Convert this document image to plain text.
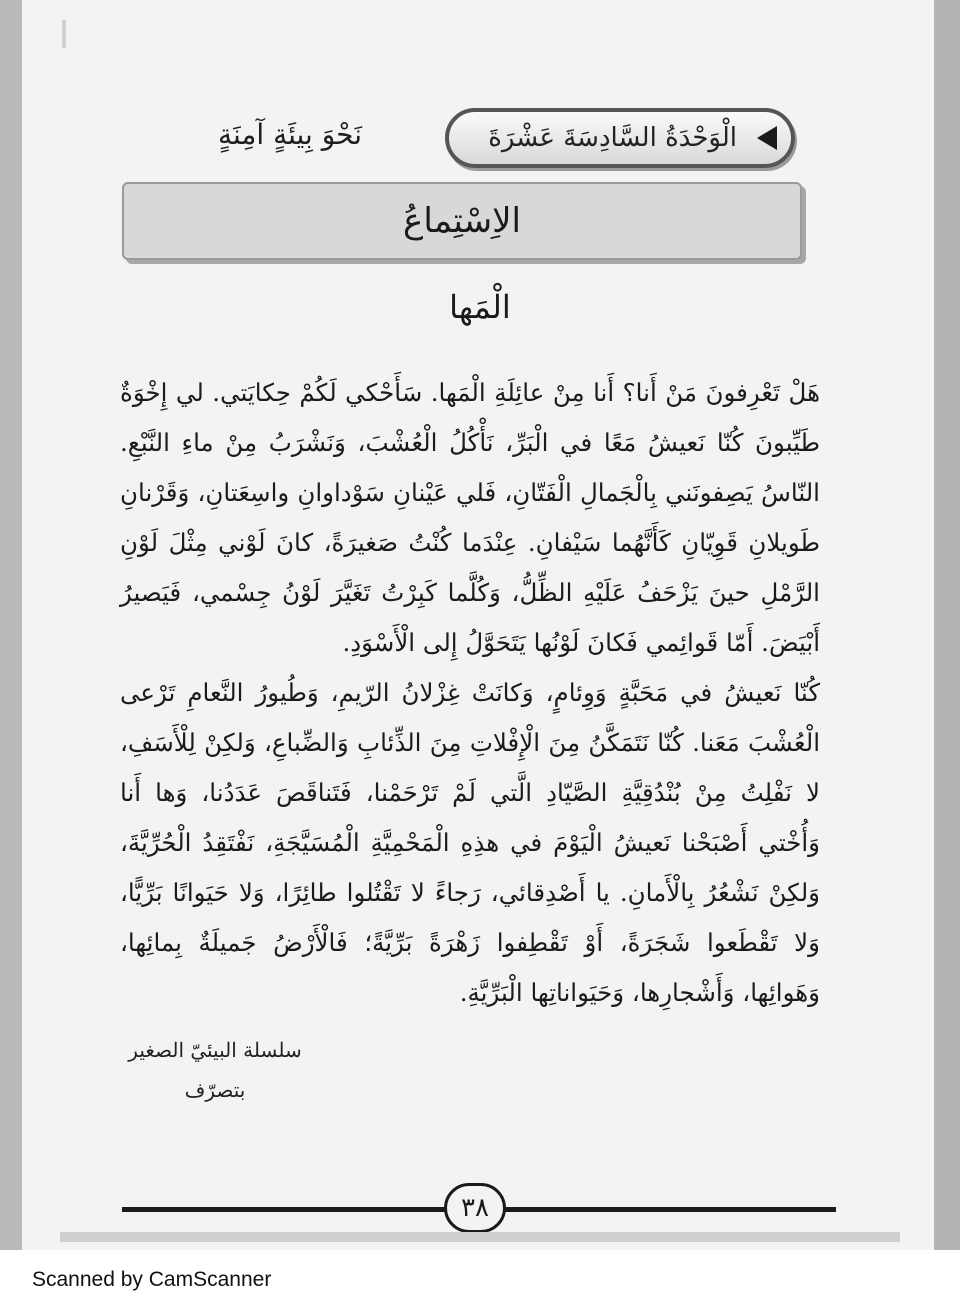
الْوَحْدَةُ السَّادِسَةَ عَشْرَةَ
نَحْوَ بِيئَةٍ آمِنَةٍ
الاِسْتِماعُ
الْمَها

هَلْ تَعْرِفونَ مَنْ أَنا؟ أَنا مِنْ عائِلَةِ الْمَها. سَأَحْكي لَكُمْ حِكايَتي. لي إِخْوَةٌ طَيِّبونَ كُنّا نَعيشُ مَعًا في الْبَرِّ، نَأْكُلُ الْعُشْبَ، وَنَشْرَبُ مِنْ ماءِ النَّبْعِ. النّاسُ يَصِفونَني بِالْجَمالِ الْفَتّانِ، فَلي عَيْنانِ سَوْداوانِ واسِعَتانِ، وَقَرْنانِ طَويلانِ قَوِيّانِ كَأَنَّهُما سَيْفانِ. عِنْدَما كُنْتُ صَغيرَةً، كانَ لَوْني مِثْلَ لَوْنِ الرَّمْلِ حينَ يَزْحَفُ عَلَيْهِ الظِّلُّ، وَكُلَّما كَبِرْتُ تَغَيَّرَ لَوْنُ جِسْمي، فَيَصيرُ أَبْيَضَ. أَمّا قَوائِمي فَكانَ لَوْنُها يَتَحَوَّلُ إِلى الْأَسْوَدِ.

كُنّا نَعيشُ في مَحَبَّةٍ وَوِئامٍ، وَكانَتْ غِزْلانُ الرّيمِ، وَطُيورُ النَّعامِ تَرْعى الْعُشْبَ مَعَنا. كُنّا نَتَمَكَّنُ مِنَ الْإِفْلاتِ مِنَ الذِّئابِ وَالضِّباعِ، وَلكِنْ لِلْأَسَفِ، لا نَفْلِتُ مِنْ بُنْدُقِيَّةِ الصَّيّادِ الَّتي لَمْ تَرْحَمْنا، فَتَناقَصَ عَدَدُنا، وَها أَنا وَأُخْتي أَصْبَحْنا نَعيشُ الْيَوْمَ في هذِهِ الْمَحْمِيَّةِ الْمُسَيَّجَةِ، نَفْتَقِدُ الْحُرِّيَّةَ، وَلكِنْ نَشْعُرُ بِالْأَمانِ. يا أَصْدِقائي، رَجاءً لا تَقْتُلوا طائِرًا، وَلا حَيَوانًا بَرِّيًّا، وَلا تَقْطَعوا شَجَرَةً، أَوْ تَقْطِفوا زَهْرَةً بَرِّيَّةً؛ فَالْأَرْضُ جَميلَةٌ بِمائِها، وَهَوائِها، وَأَشْجارِها، وَحَيَواناتِها الْبَرِّيَّةِ.

سلسلة البيئيّ الصغير
بتصرّف
٣٨
Scanned by CamScanner
